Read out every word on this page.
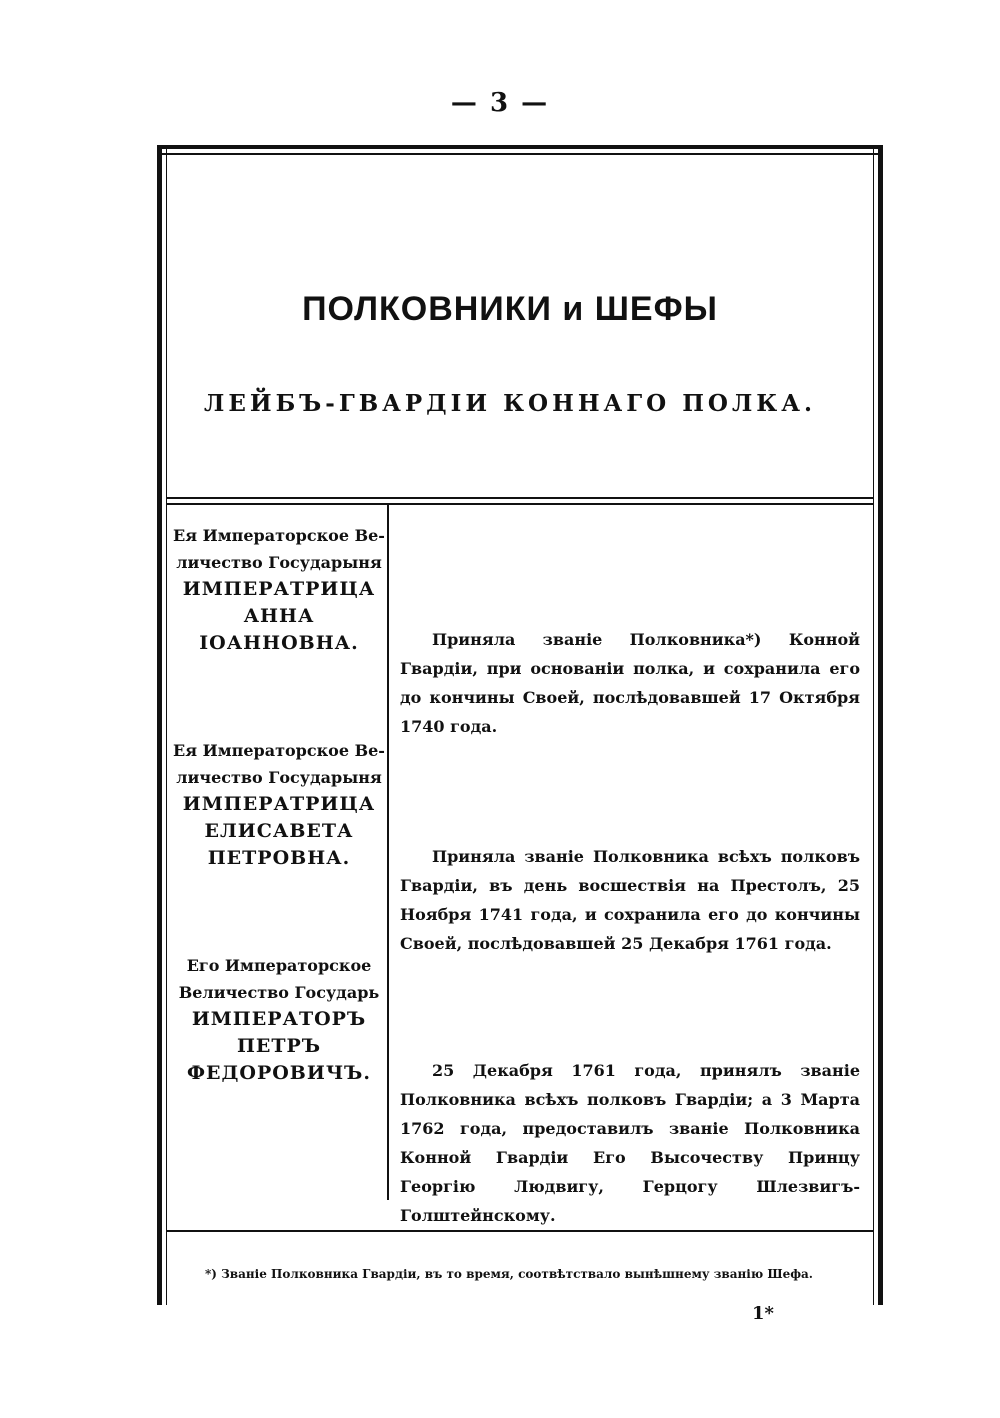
— 3 —
ПОЛКОВНИКИ и ШЕФЫ
ЛЕЙБЪ-ГВАРДІИ КОННАГО ПОЛКА.
Ея Императорское Ве-
личество Государыня
ИМПЕРАТРИЦА
АННА
ІОАННОВНА.	Приняла званіе Полковника*) Конной Гвардіи, при основаніи полка, и сохранила его до кончины Своей, послѣдовавшей 17 Октября 1740 года.
Ея Императорское Ве-
личество Государыня
ИМПЕРАТРИЦА
ЕЛИСАВЕТА
ПЕТРОВНА.	Приняла званіе Полковника всѣхъ полковъ Гвардіи, въ день восшествія на Престолъ, 25 Ноября 1741 года, и сохранила его до кончины Своей, послѣдовавшей 25 Декабря 1761 года.
Его Императорское
Величество Государь
ИМПЕРАТОРЪ
ПЕТРЪ
ФЕДОРОВИЧЪ.	25 Декабря 1761 года, принялъ званіе Полковника всѣхъ полковъ Гвардіи; а 3 Марта 1762 года, предоставилъ званіе Полковника Конной Гвардіи Его Высочеству Принцу Георгію Людвигу, Герцогу Шлезвигъ-Голштейнскому.
*) Званіе Полковника Гвардіи, въ то время, соотвѣтствало вынѣшнему званію Шефа.
1*
